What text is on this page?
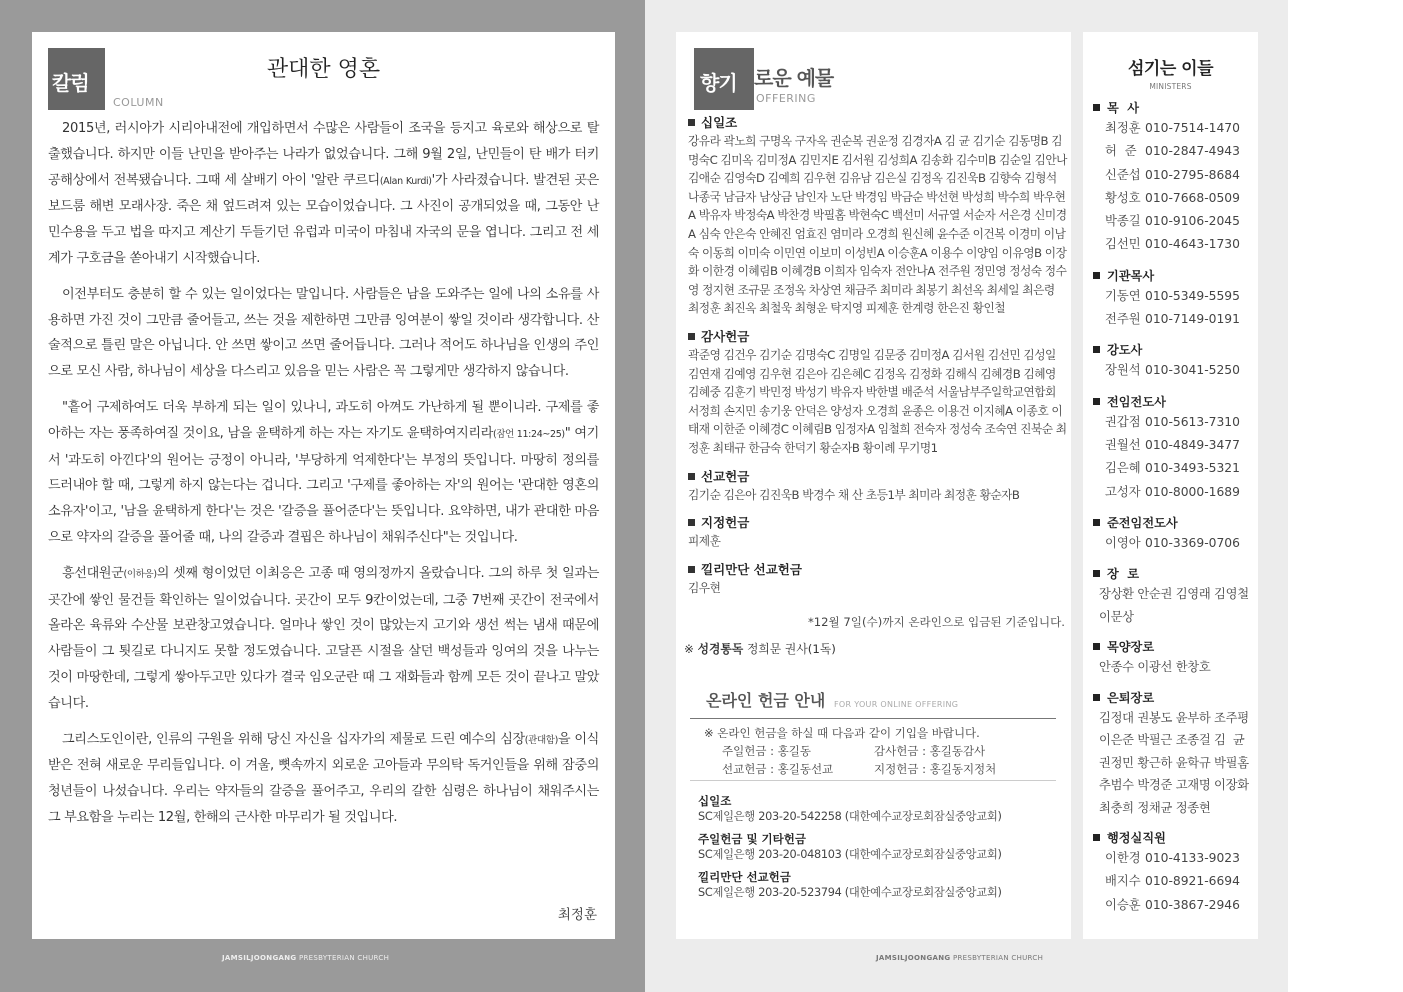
칼럼
COLUMN
관대한 영혼

2015년, 러시아가 시리아내전에 개입하면서 수많은 사람들이 조국을 등지고 육로와 해상으로 탈출했습니다. 하지만 이들 난민을 받아주는 나라가 없었습니다. 그해 9월 2일, 난민들이 탄 배가 터키 공해상에서 전복됐습니다. 그때 세 살배기 아이 '알란 쿠르디(Alan Kurdi)'가 사라졌습니다. 발견된 곳은 보드룸 해변 모래사장. 죽은 채 엎드려져 있는 모습이었습니다. 그 사진이 공개되었을 때, 그동안 난민수용을 두고 법을 따지고 계산기 두들기던 유럽과 미국이 마침내 자국의 문을 엽니다. 그리고 전 세계가 구호금을 쏟아내기 시작했습니다.

이전부터도 충분히 할 수 있는 일이었다는 말입니다. 사람들은 남을 도와주는 일에 나의 소유를 사용하면 가진 것이 그만큼 줄어들고, 쓰는 것을 제한하면 그만큼 잉여분이 쌓일 것이라 생각합니다. 산술적으로 틀린 말은 아닙니다. 안 쓰면 쌓이고 쓰면 줄어듭니다. 그러나 적어도 하나님을 인생의 주인으로 모신 사람, 하나님이 세상을 다스리고 있음을 믿는 사람은 꼭 그렇게만 생각하지 않습니다.

"흩어 구제하여도 더욱 부하게 되는 일이 있나니, 과도히 아껴도 가난하게 될 뿐이니라. 구제를 좋아하는 자는 풍족하여질 것이요, 남을 윤택하게 하는 자는 자기도 윤택하여지리라(잠언 11:24~25)" 여기서 '과도히 아낀다'의 원어는 긍정이 아니라, '부당하게 억제한다'는 부정의 뜻입니다. 마땅히 정의를 드러내야 할 때, 그렇게 하지 않는다는 겁니다. 그리고 '구제를 좋아하는 자'의 원어는 '관대한 영혼의 소유자'이고, '남을 윤택하게 한다'는 것은 '갈증을 풀어준다'는 뜻입니다. 요약하면, 내가 관대한 마음으로 약자의 갈증을 풀어줄 때, 나의 갈증과 결핍은 하나님이 채워주신다"는 것입니다.

흥선대원군(이하응)의 셋째 형이었던 이최응은 고종 때 영의정까지 올랐습니다. 그의 하루 첫 일과는 곳간에 쌓인 물건들 확인하는 일이었습니다. 곳간이 모두 9칸이었는데, 그중 7번째 곳간이 전국에서 올라온 육류와 수산물 보관창고였습니다. 얼마나 쌓인 것이 많았는지 고기와 생선 썩는 냄새 때문에 사람들이 그 툇길로 다니지도 못할 정도였습니다. 고달픈 시절을 살던 백성들과 잉여의 것을 나누는 것이 마땅한데, 그렇게 쌓아두고만 있다가 결국 임오군란 때 그 재화들과 함께 모든 것이 끝나고 말았습니다.

그리스도인이란, 인류의 구원을 위해 당신 자신을 십자가의 제물로 드린 예수의 심장(관대함)을 이식받은 전혀 새로운 무리들입니다. 이 겨울, 뼛속까지 외로운 고아들과 무의탁 독거인들을 위해 잠중의 청년들이 나섰습니다. 우리는 약자들의 갈증을 풀어주고, 우리의 갈한 심령은 하나님이 채워주시는 그 부요함을 누리는 12월, 한해의 근사한 마무리가 될 것입니다.

최정훈
향기 로운 예물
OFFERING
십일조
강유라 곽노희 구명옥 구자옥 권순복 권운정 김경자A 김 균 김기순 김동명B 김명숙C 김미옥 김미정A 김민지E 김서원 김성희A 김송화 김수미B 김순일 김안나 김애순 김영숙D 김예희 김우현 김유남 김은실 김정옥 김진욱B 김향숙 김형석 나종국 남금자 남상금 남인자 노단 박경임 박금순 박선현 박성희 박수희 박우현A 박유자 박정숙A 박찬경 박필홈 박현숙C 백선미 서규열 서순자 서은경 신미경A 심숙 안은숙 안혜진 엄효진 염미라 오경희 원신혜 윤수준 이건복 이경미 이남숙 이동희 이미숙 이민연 이보미 이성빈A 이승훈A 이용수 이양임 이유영B 이장화 이한경 이혜림B 이혜경B 이희자 임숙자 전안나A 전주원 정민영 정성숙 정수영 정지현 조규문 조정옥 차상연 채금주 최미라 최봉기 최선옥 최세일 최은령 최정훈 최진옥 최철욱 최형운 탁지영 피제훈 한계령 한은진 황인철
감사헌금
곽준영 김건우 김기순 김명숙C 김명일 김문중 김미정A 김서원 김선민 김성일 김연재 김예영 김우현 김은아 김은혜C 김정옥 김정화 김해식 김혜경B 김혜영 김혜중 김훈기 박민정 박성기 박유자 박한별 배준석 서울남부주일학교연합회 서정희 손지민 송기웅 안덕은 양성자 오경희 윤종은 이용건 이지혜A 이종호 이태재 이한준 이혜경C 이혜림B 임정자A 임철희 전숙자 정성숙 조숙연 진북순 최정훈 최태규 한금숙 한덕기 황순자B 황이례 무기명1
선교헌금
김기순 김은아 김진욱B 박경수 채 산 초등1부 최미라 최정훈 황순자B
지정헌금
피제훈
낄리만단 선교헌금
김우현
*12월 7일(수)까지 온라인으로 입금된 기준입니다.
※ 성경통독 정희문 권사(1독)
온라인 헌금 안내 FOR YOUR ONLINE OFFERING
※ 온라인 헌금을 하실 때 다음과 같이 기입을 바랍니다.
주일헌금 : 홍길동
선교헌금 : 홍길동선교
감사헌금 : 홍길동감사
지정헌금 : 홍길동지정처
십일조
SC제일은행 203-20-542258 (대한예수교장로회잠실중앙교회)
주일헌금 및 기타헌금
SC제일은행 203-20-048103 (대한예수교장로회잠실중앙교회)
낄리만단 선교헌금
SC제일은행 203-20-523794 (대한예수교장로회잠실중앙교회)
섬기는 이들
MINISTERS
목  사
최정훈 010-7514-1470
허  준 010-2847-4943
신준섭 010-2795-8684
황성호 010-7668-0509
박종길 010-9106-2045
김선민 010-4643-1730
기관목사
기동연 010-5349-5595
전주원 010-7149-0191
강도사
장원석 010-3041-5250
전임전도사
권갑점 010-5613-7310
권월선 010-4849-3477
김은혜 010-3493-5321
고성자 010-8000-1689
준전임전도사
이영아 010-3369-0706
장  로
장상환 안순권 김영래 김영철
이문상
목양장로
안종수 이광선 한창호
은퇴장로
김정대 권봉도 윤부하 조주평
이은준 박필근 조종걸 김  균
권정민 황근하 윤학규 박필홈
추범수 박경준 고재명 이장화
최충희 정채균 정종현
행정실직원
이한경 010-4133-9023
배지수 010-8921-6694
이승훈 010-3867-2946
JAMSILJOONGANG PRESBYTERIAN CHURCH	JAMSILJOONGANG PRESBYTERIAN CHURCH
